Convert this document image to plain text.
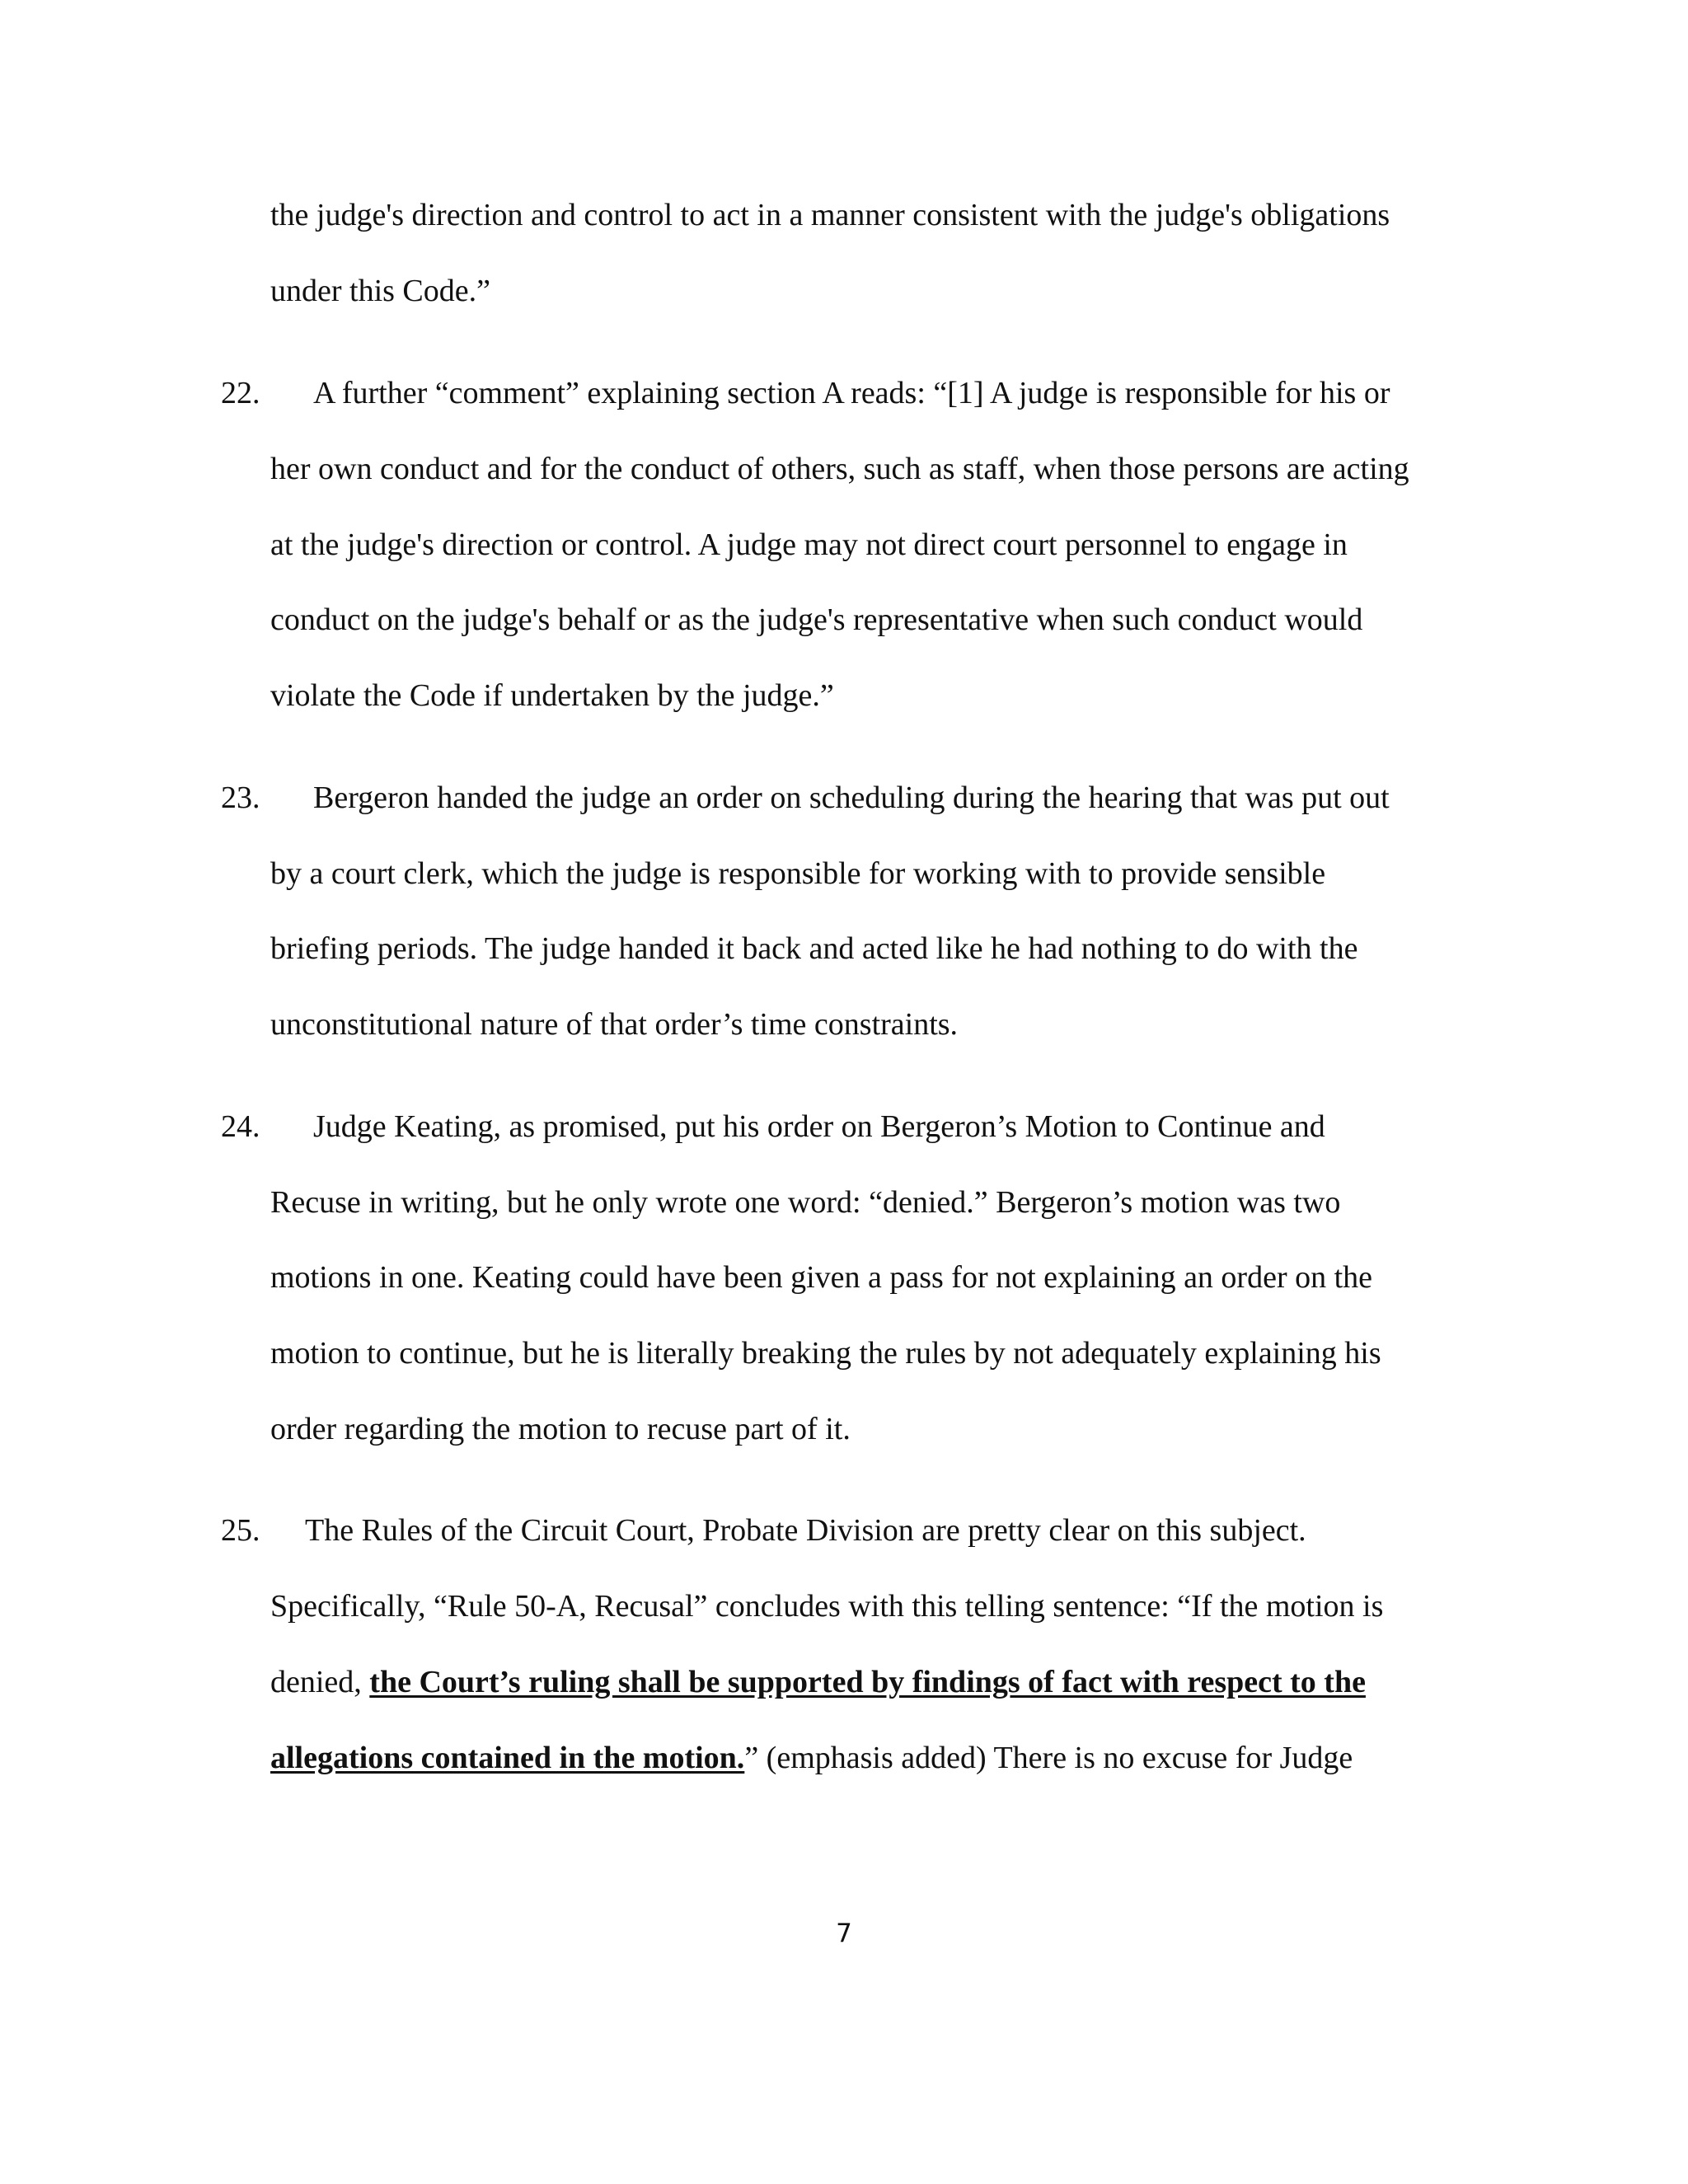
the judge's direction and control to act in a manner consistent with the judge's obligations
under this Code.”
22. A further “comment” explaining section A reads: “[1] A judge is responsible for his or
her own conduct and for the conduct of others, such as staff, when those persons are acting
at the judge's direction or control. A judge may not direct court personnel to engage in
conduct on the judge's behalf or as the judge's representative when such conduct would
violate the Code if undertaken by the judge.”
23. Bergeron handed the judge an order on scheduling during the hearing that was put out
by a court clerk, which the judge is responsible for working with to provide sensible
briefing periods. The judge handed it back and acted like he had nothing to do with the
unconstitutional nature of that order’s time constraints.
24. Judge Keating, as promised, put his order on Bergeron’s Motion to Continue and
Recuse in writing, but he only wrote one word: “denied.” Bergeron’s motion was two
motions in one. Keating could have been given a pass for not explaining an order on the
motion to continue, but he is literally breaking the rules by not adequately explaining his
order regarding the motion to recuse part of it.
25. The Rules of the Circuit Court, Probate Division are pretty clear on this subject.
Specifically, “Rule 50-A, Recusal” concludes with this telling sentence: “If the motion is
denied, the Court’s ruling shall be supported by findings of fact with respect to the
allegations contained in the motion.” (emphasis added) There is no excuse for Judge
7
